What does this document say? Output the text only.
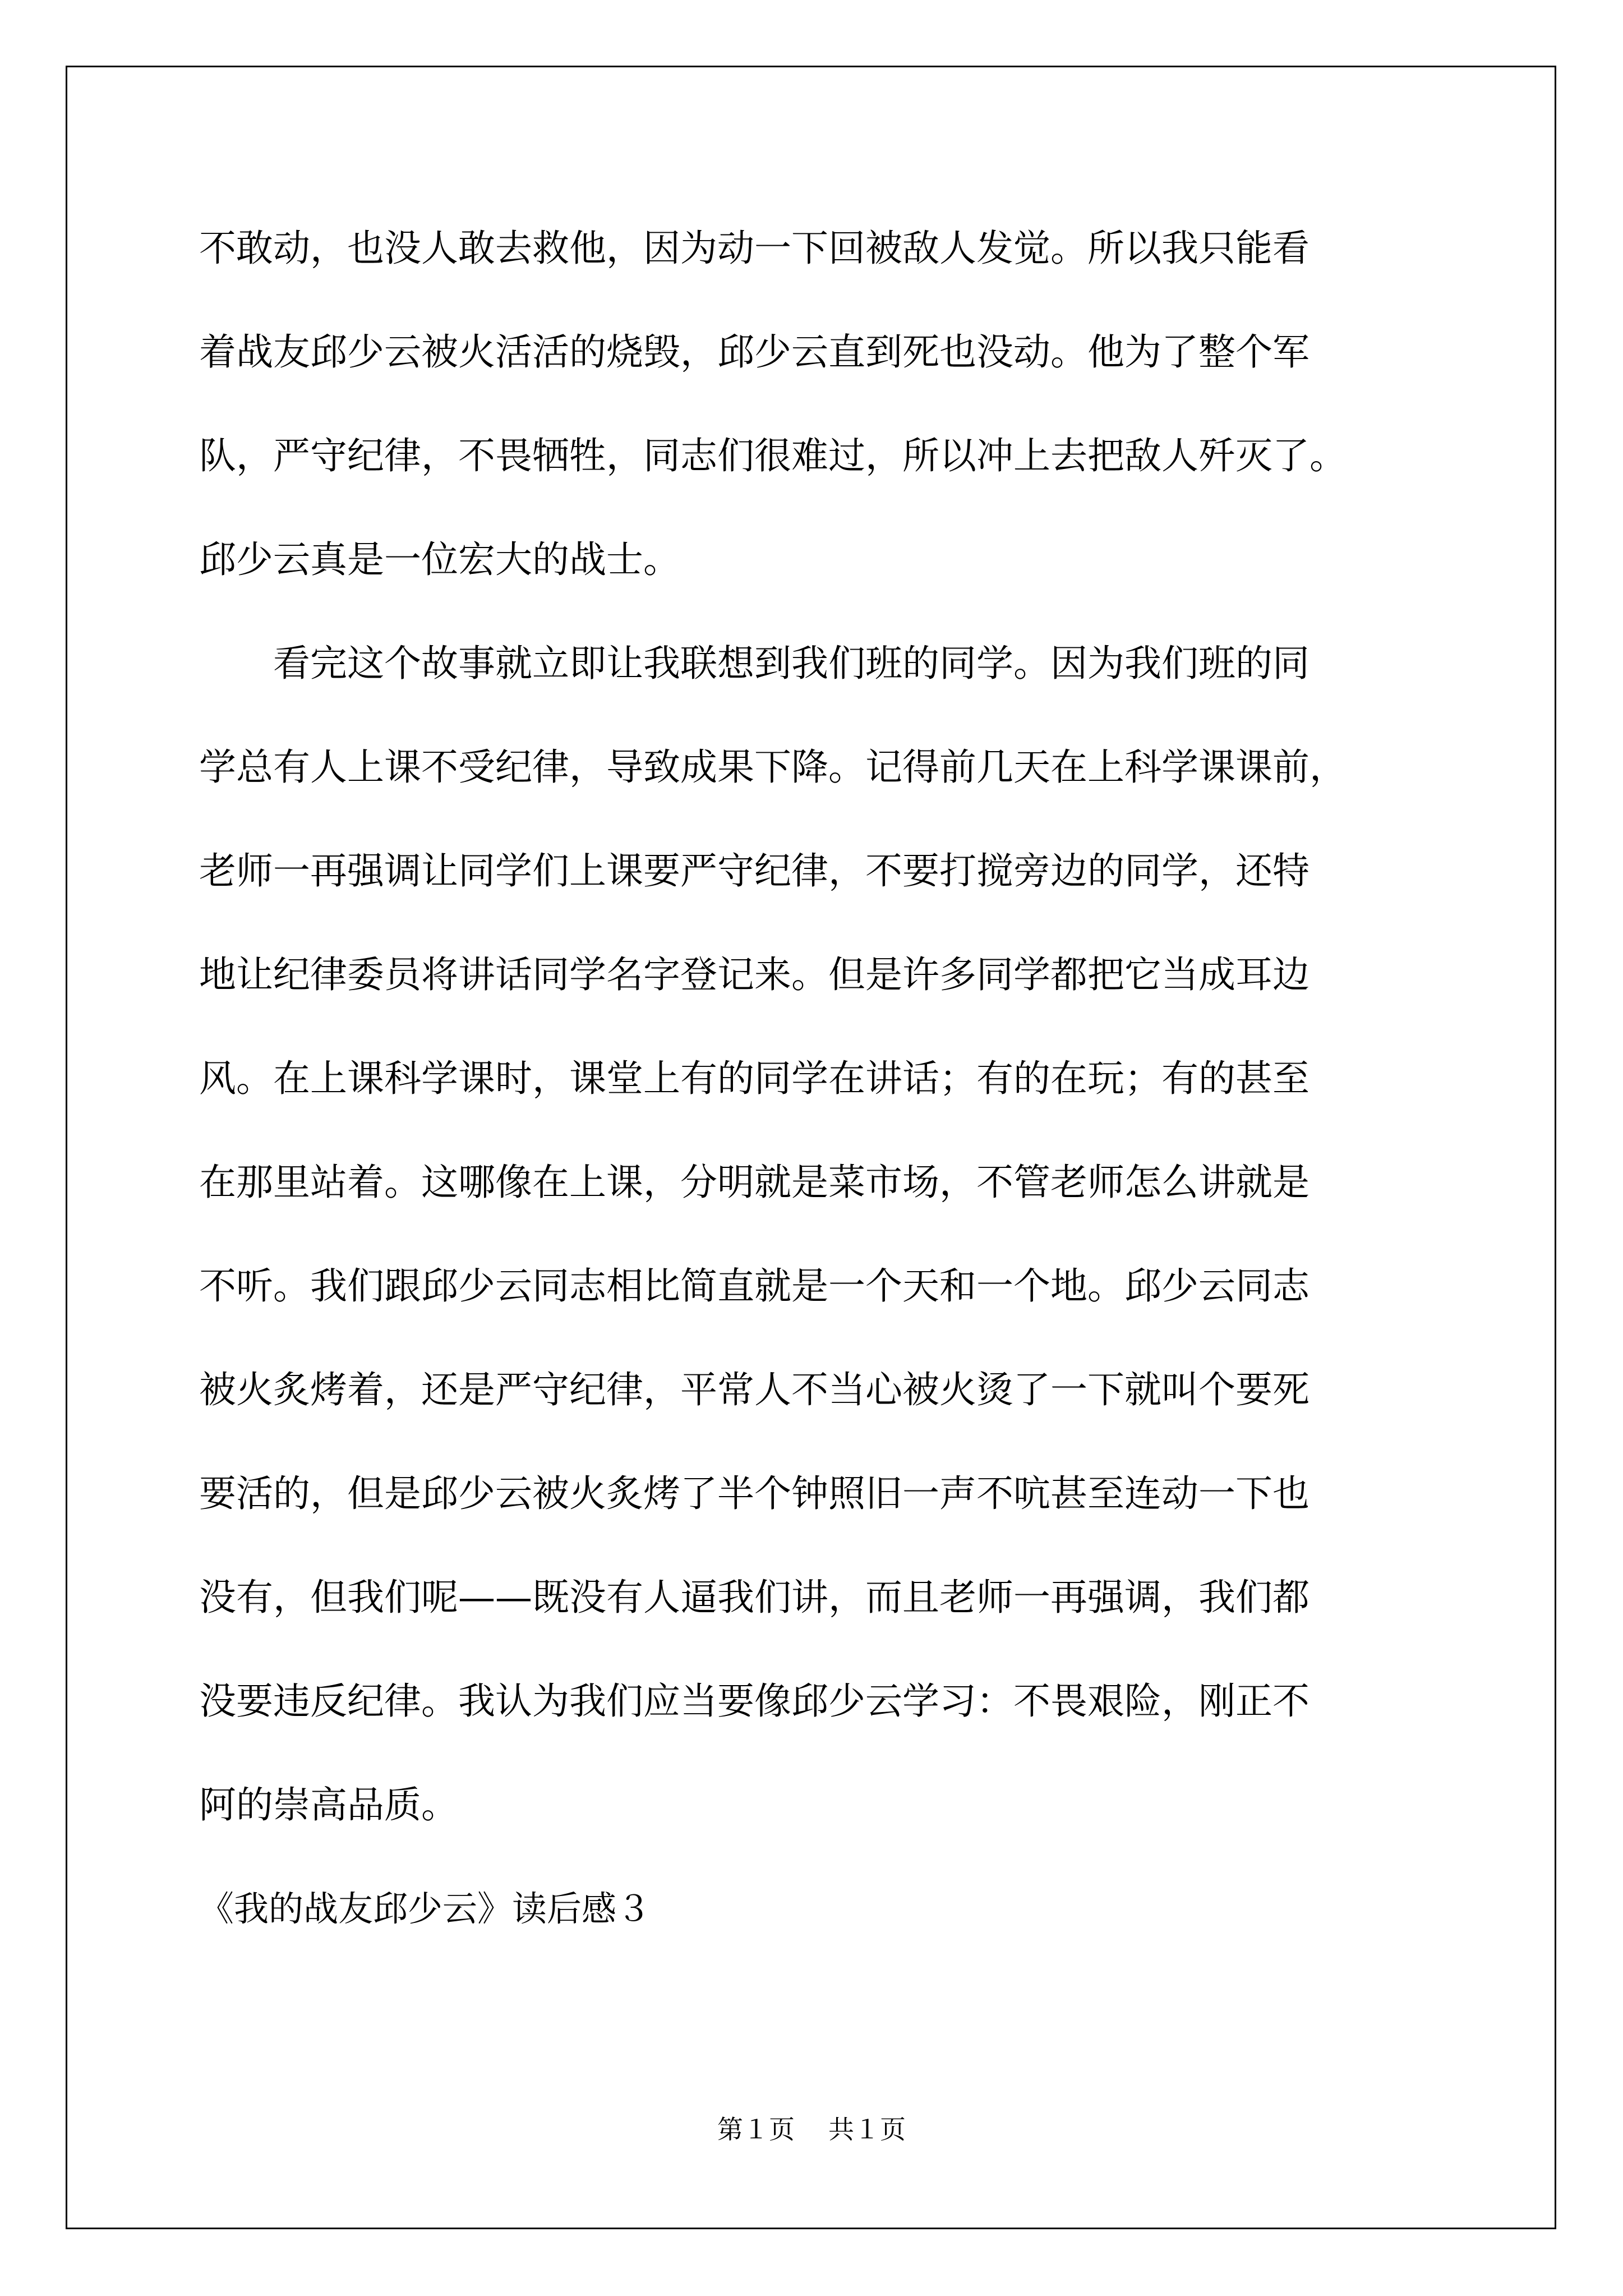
不敢动，也没人敢去救他，因为动一下回被敌人发觉。所以我只能看
着战友邱少云被火活活的烧毁，邱少云直到死也没动。他为了整个军
队，严守纪律，不畏牺牲，同志们很难过，所以冲上去把敌人歼灭了。
邱少云真是一位宏大的战士。
　　看完这个故事就立即让我联想到我们班的同学。因为我们班的同
学总有人上课不受纪律，导致成果下降。记得前几天在上科学课课前，
老师一再强调让同学们上课要严守纪律，不要打搅旁边的同学，还特
地让纪律委员将讲话同学名字登记来。但是许多同学都把它当成耳边
风。在上课科学课时，课堂上有的同学在讲话；有的在玩；有的甚至
在那里站着。这哪像在上课，分明就是菜市场，不管老师怎么讲就是
不听。我们跟邱少云同志相比简直就是一个天和一个地。邱少云同志
被火炙烤着，还是严守纪律，平常人不当心被火烫了一下就叫个要死
要活的，但是邱少云被火炙烤了半个钟照旧一声不吭甚至连动一下也
没有，但我们呢——既没有人逼我们讲，而且老师一再强调，我们都
没要违反纪律。我认为我们应当要像邱少云学习：不畏艰险，刚正不
阿的崇高品质。
《我的战友邱少云》读后感３
第１页 共１页
